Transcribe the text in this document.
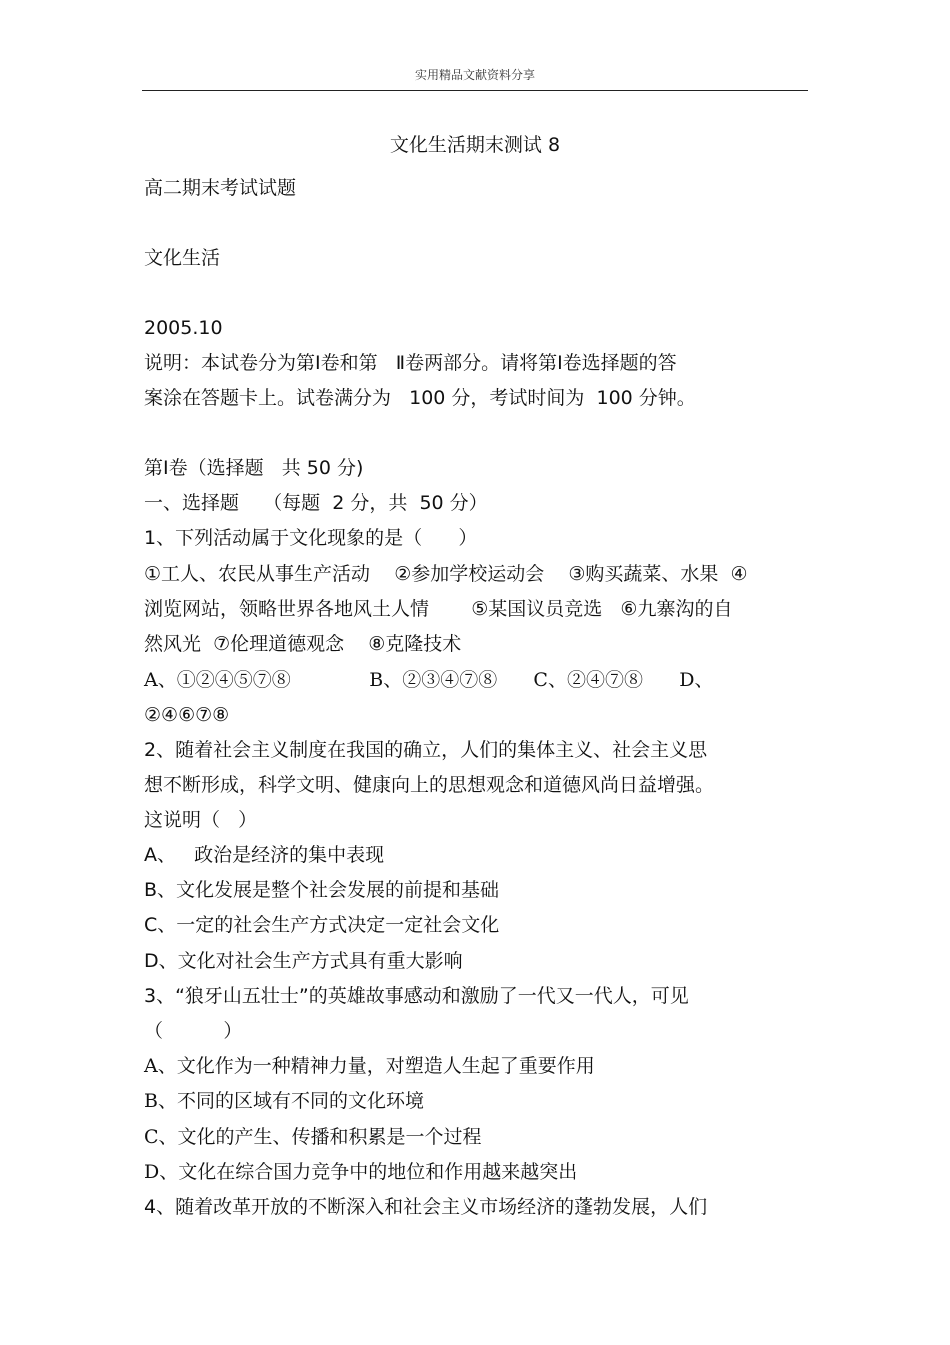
实用精品文献资料分享
文化生活期末测试 8
高二期末考试试题
文化生活
2005.10
说明：本试卷分为第Ⅰ卷和第   Ⅱ卷两部分。请将第Ⅰ卷选择题的答
案涂在答题卡上。试卷满分为   100 分，考试时间为  100 分钟。
第Ⅰ卷（选择题   共 50 分)
一、选择题    （每题  2 分，共  50 分）
1、下列活动属于文化现象的是（      ）
①工人、农民从事生产活动    ②参加学校运动会    ③购买蔬菜、水果  ④
浏览网站，领略世界各地风土人情       ⑤某国议员竞选   ⑥九寨沟的自
然风光  ⑦伦理道德观念    ⑧克隆技术
A、①②④⑤⑦⑧             B、②③④⑦⑧      C、②④⑦⑧      D、
②④⑥⑦⑧
2、随着社会主义制度在我国的确立，人们的集体主义、社会主义思
想不断形成，科学文明、健康向上的思想观念和道德风尚日益增强。
这说明（   ）
A、   政治是经济的集中表现
B、文化发展是整个社会发展的前提和基础
C、一定的社会生产方式决定一定社会文化
D、文化对社会生产方式具有重大影响
3、“狼牙山五壮士”的英雄故事感动和激励了一代又一代人，可见
（          ）
A、文化作为一种精神力量，对塑造人生起了重要作用
B、不同的区域有不同的文化环境
C、文化的产生、传播和积累是一个过程
D、文化在综合国力竞争中的地位和作用越来越突出
4、随着改革开放的不断深入和社会主义市场经济的蓬勃发展，人们
